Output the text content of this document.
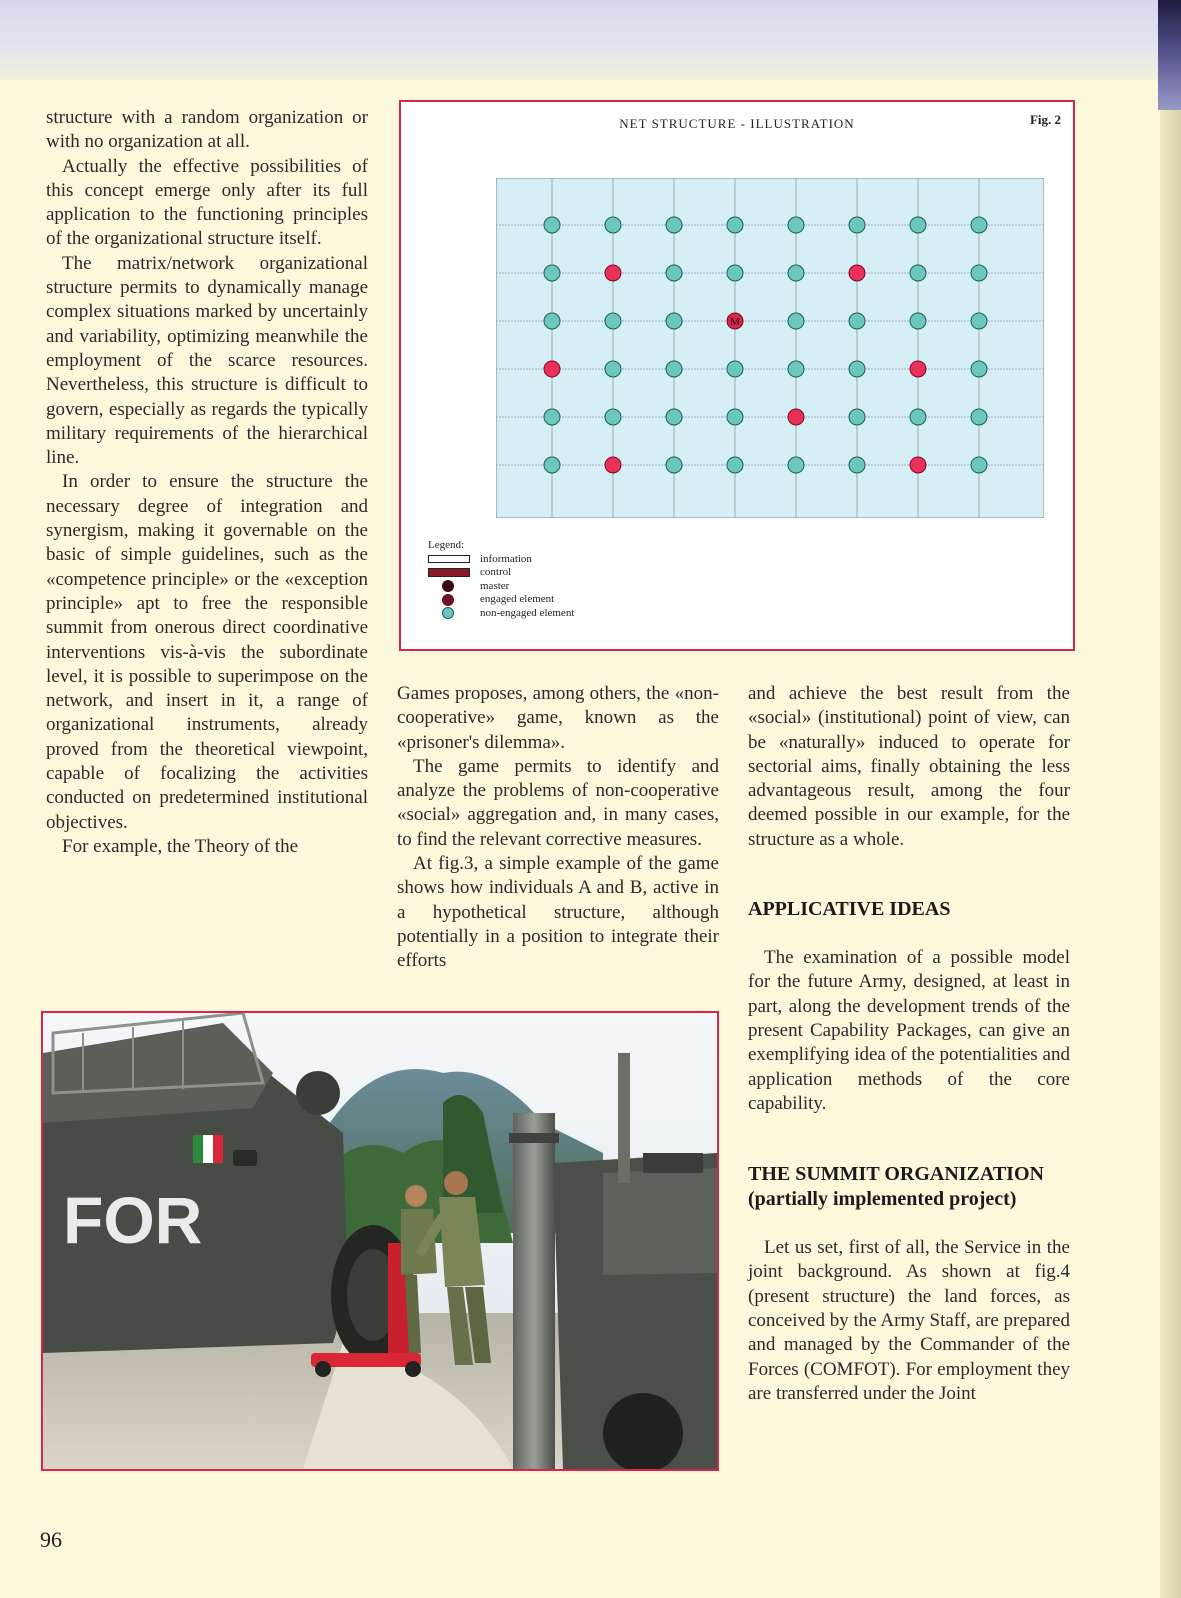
structure with a random organization or with no organization at all.

Actually the effective possibilities of this concept emerge only after its full application to the functioning principles of the organizational structure itself.

The matrix/network organizational structure permits to dynamically manage complex situations marked by uncertainly and variability, optimizing meanwhile the employment of the scarce resources. Nevertheless, this structure is difficult to govern, especially as regards the typically military requirements of the hierarchical line.

In order to ensure the structure the necessary degree of integration and synergism, making it governable on the basic of simple guidelines, such as the «competence principle» or the «exception principle» apt to free the responsible summit from onerous direct coordinative interventions vis-à-vis the subordinate level, it is possible to superimpose on the network, and insert in it, a range of organizational instruments, already proved from the theoretical viewpoint, capable of focalizing the activities conducted on predetermined institutional objectives.

For example, the Theory of the

NET STRUCTURE - ILLUSTRATION	Fig. 2
M
Legend:
information
control
master
engaged element
non-engaged element

Games proposes, among others, the «non-cooperative» game, known as the «prisoner's dilemma».

The game permits to identify and analyze the problems of non-cooperative «social» aggregation and, in many cases, to find the relevant corrective measures.

At fig.3, a simple example of the game shows how individuals A and B, active in a hypothetical structure, although potentially in a position to integrate their efforts

and achieve the best result from the «social» (institutional) point of view, can be «naturally» induced to operate for sectorial aims, finally obtaining the less advantageous result, among the four deemed possible in our example, for the structure as a whole.

APPLICATIVE IDEAS

The examination of a possible model for the future Army, designed, at least in part, along the development trends of the present Capability Packages, can give an exemplifying idea of the potentialities and application methods of the core capability.

THE SUMMIT ORGANIZATION (partially implemented project)

Let us set, first of all, the Service in the joint background. As shown at fig.4 (present structure) the land forces, as conceived by the Army Staff, are prepared and managed by the Commander of the Forces (COMFOT). For employment they are transferred under the Joint

FOR
96
